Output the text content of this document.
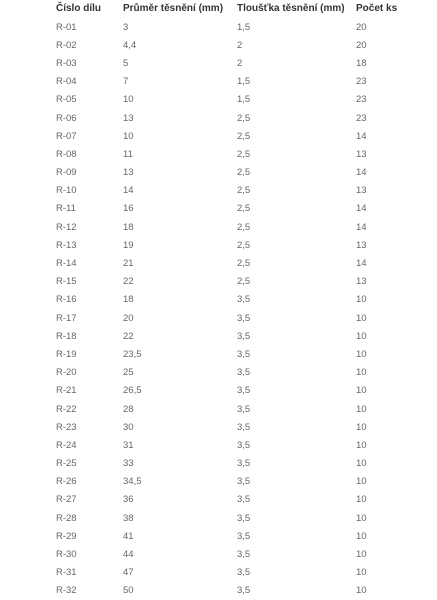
Číslo dílu	Průměr těsnění (mm)	Tloušťka těsnění (mm)	Počet ks
R-01	3	1,5	20
R-02	4,4	2	20
R-03	5	2	18
R-04	7	1,5	23
R-05	10	1,5	23
R-06	13	2,5	23
R-07	10	2,5	14
R-08	11	2,5	13
R-09	13	2,5	14
R-10	14	2,5	13
R-11	16	2,5	14
R-12	18	2,5	14
R-13	19	2,5	13
R-14	21	2,5	14
R-15	22	2,5	13
R-16	18	3,5	10
R-17	20	3,5	10
R-18	22	3,5	10
R-19	23,5	3,5	10
R-20	25	3,5	10
R-21	26,5	3,5	10
R-22	28	3,5	10
R-23	30	3,5	10
R-24	31	3,5	10
R-25	33	3,5	10
R-26	34,5	3,5	10
R-27	36	3,5	10
R-28	38	3,5	10
R-29	41	3,5	10
R-30	44	3,5	10
R-31	47	3,5	10
R-32	50	3,5	10
